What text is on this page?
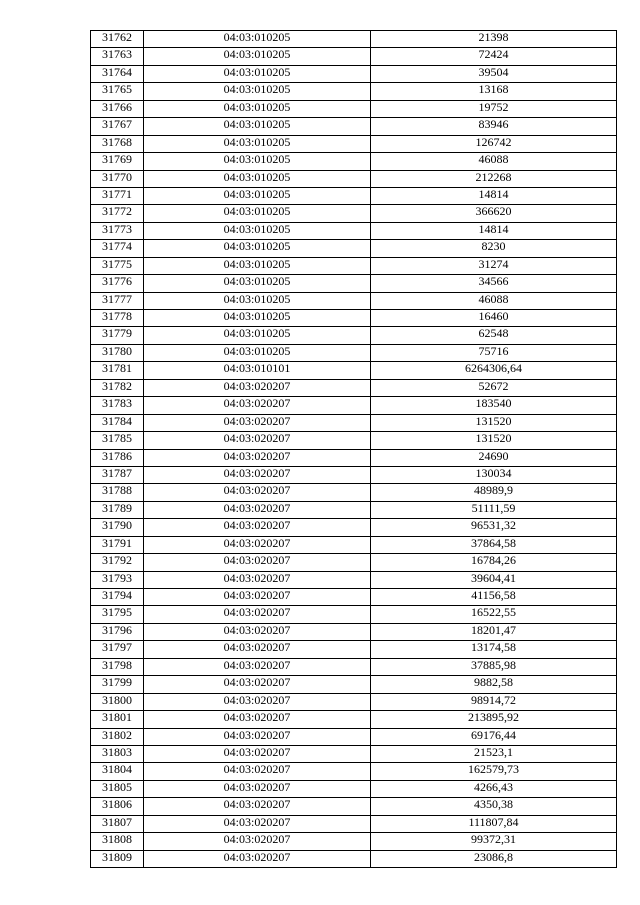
31762	04:03:010205	21398
31763	04:03:010205	72424
31764	04:03:010205	39504
31765	04:03:010205	13168
31766	04:03:010205	19752
31767	04:03:010205	83946
31768	04:03:010205	126742
31769	04:03:010205	46088
31770	04:03:010205	212268
31771	04:03:010205	14814
31772	04:03:010205	366620
31773	04:03:010205	14814
31774	04:03:010205	8230
31775	04:03:010205	31274
31776	04:03:010205	34566
31777	04:03:010205	46088
31778	04:03:010205	16460
31779	04:03:010205	62548
31780	04:03:010205	75716
31781	04:03:010101	6264306,64
31782	04:03:020207	52672
31783	04:03:020207	183540
31784	04:03:020207	131520
31785	04:03:020207	131520
31786	04:03:020207	24690
31787	04:03:020207	130034
31788	04:03:020207	48989,9
31789	04:03:020207	51111,59
31790	04:03:020207	96531,32
31791	04:03:020207	37864,58
31792	04:03:020207	16784,26
31793	04:03:020207	39604,41
31794	04:03:020207	41156,58
31795	04:03:020207	16522,55
31796	04:03:020207	18201,47
31797	04:03:020207	13174,58
31798	04:03:020207	37885,98
31799	04:03:020207	9882,58
31800	04:03:020207	98914,72
31801	04:03:020207	213895,92
31802	04:03:020207	69176,44
31803	04:03:020207	21523,1
31804	04:03:020207	162579,73
31805	04:03:020207	4266,43
31806	04:03:020207	4350,38
31807	04:03:020207	111807,84
31808	04:03:020207	99372,31
31809	04:03:020207	23086,8
